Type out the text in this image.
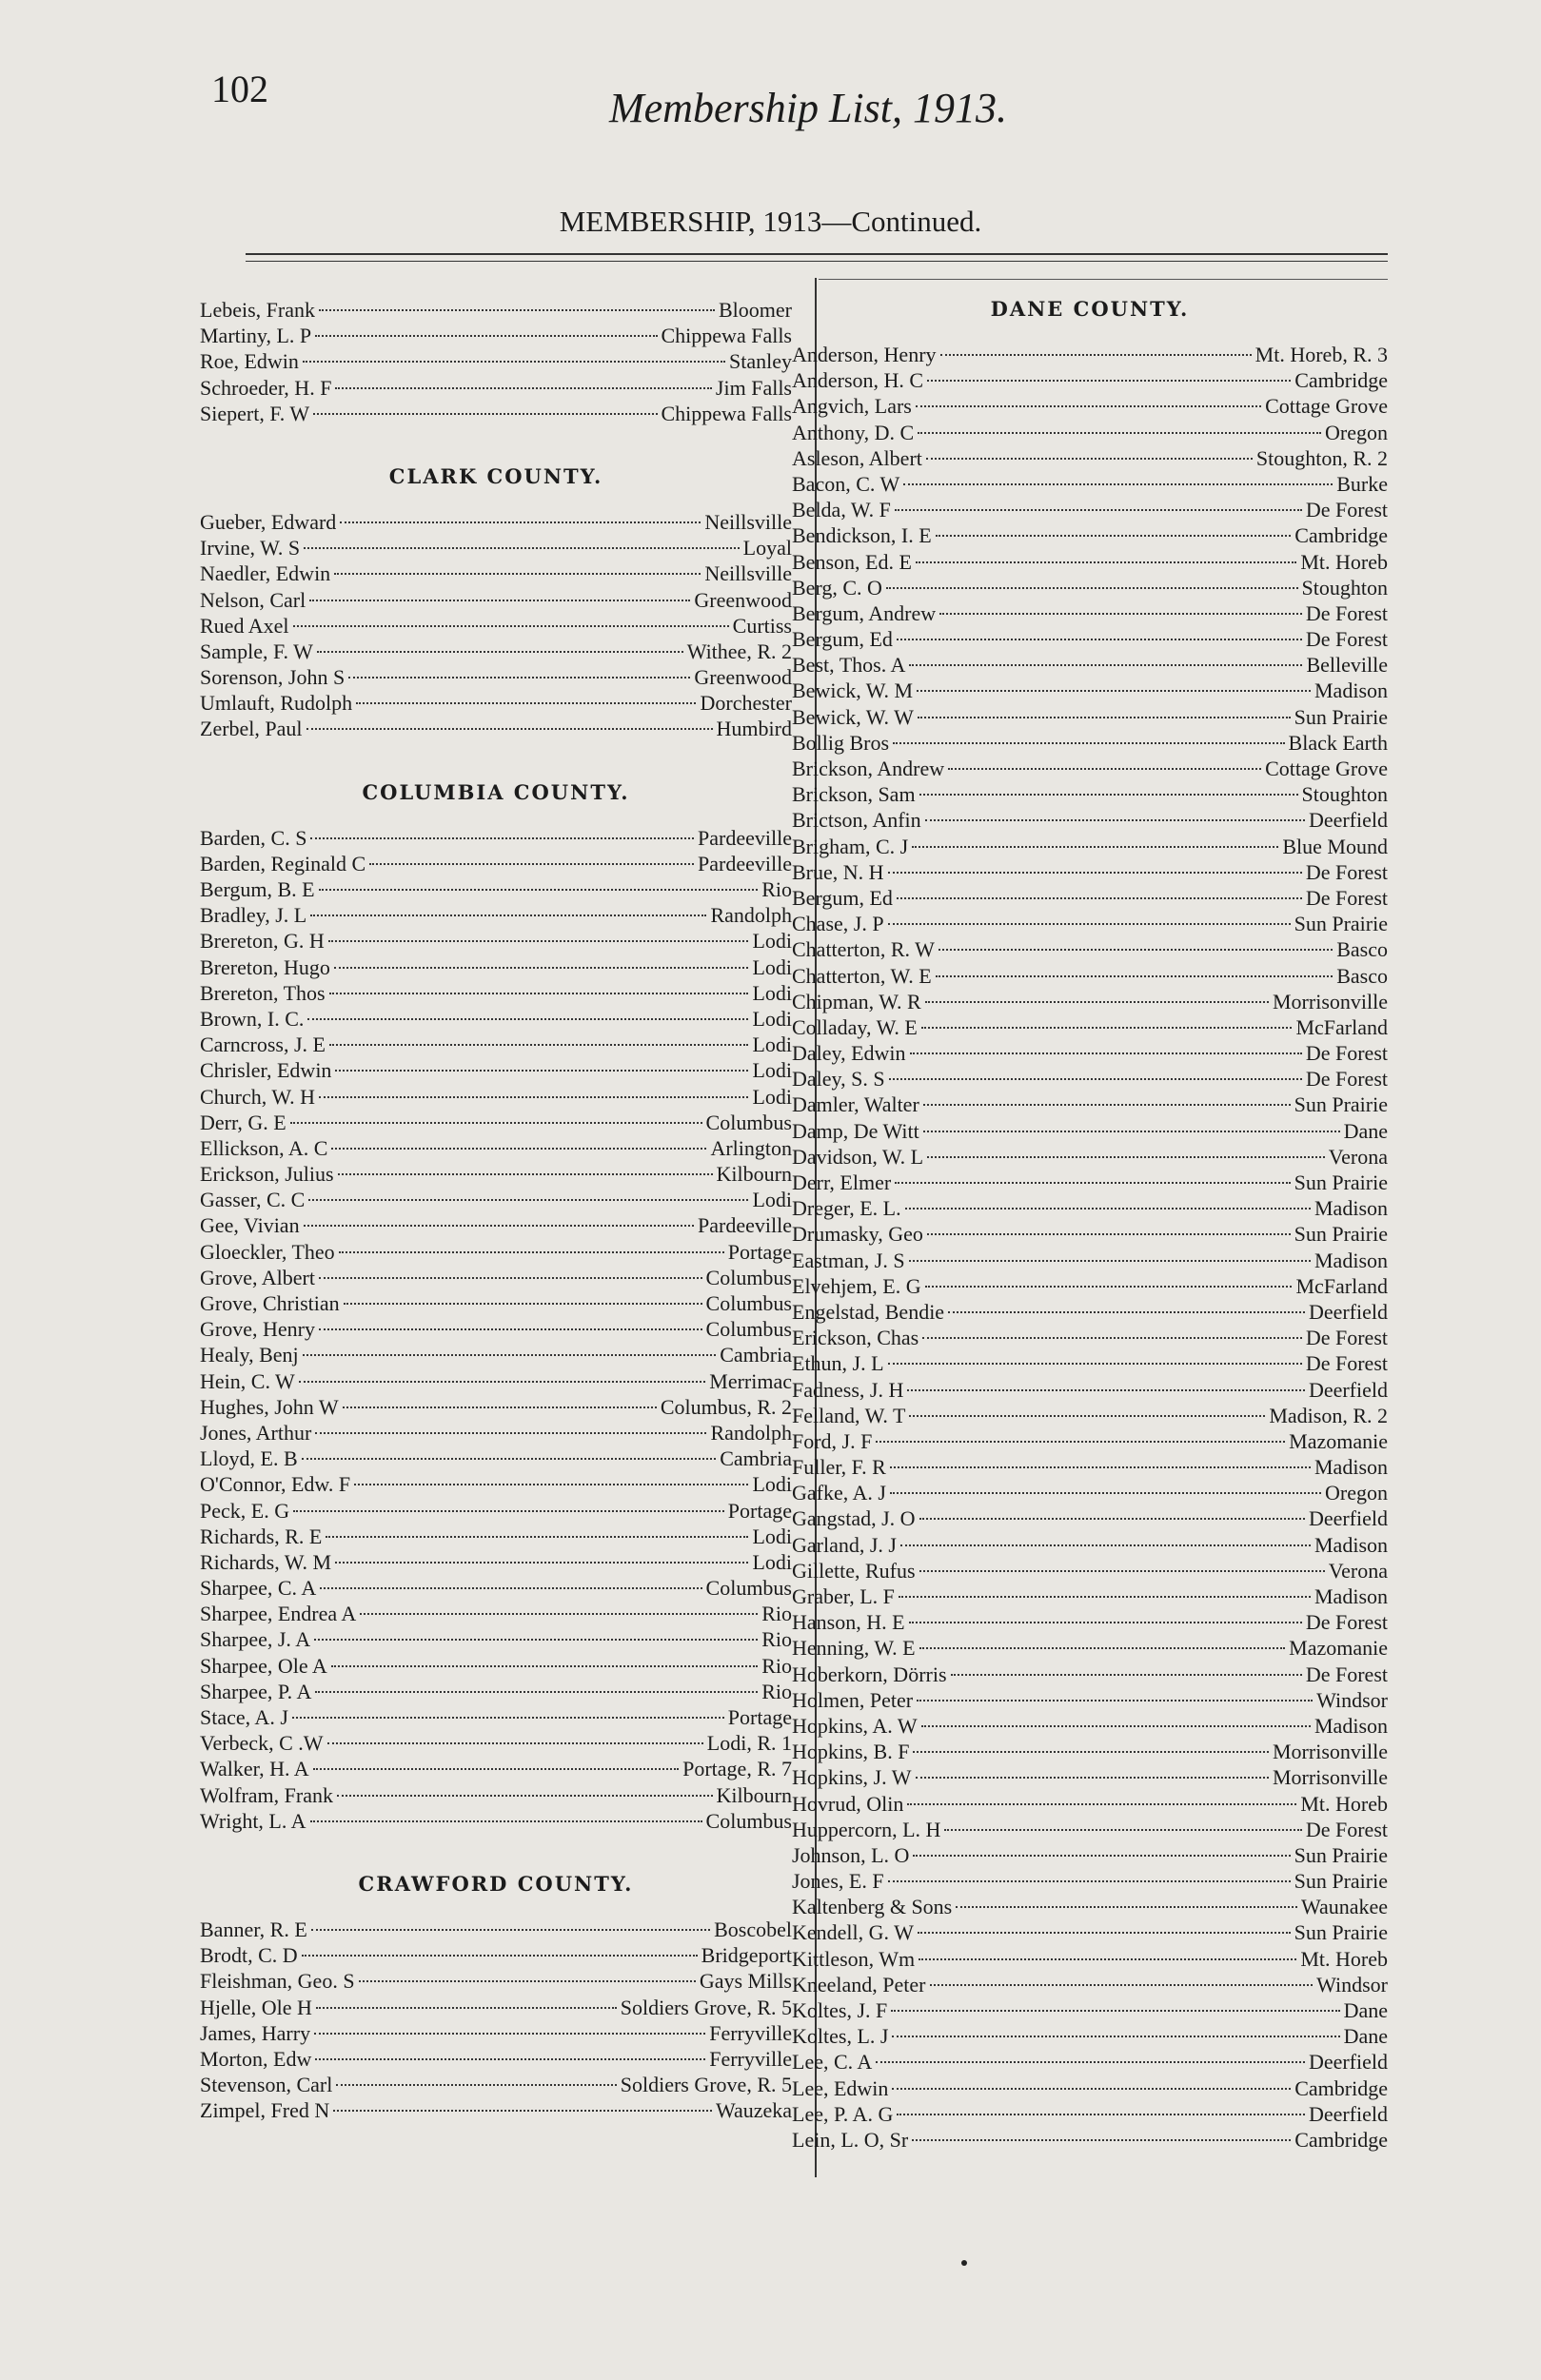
102	Membership List, 1913.
MEMBERSHIP, 1913—Continued.
Lebeis, Frank	Bloomer
Martiny, L. P	Chippewa Falls
Roe, Edwin	Stanley
Schroeder, H. F	Jim Falls
Siepert, F. W	Chippewa Falls
CLARK COUNTY.
Gueber, Edward	Neillsville
Irvine, W. S	Loyal
Naedler, Edwin	Neillsville
Nelson, Carl	Greenwood
Rued Axel	Curtiss
Sample, F. W	Withee, R. 2
Sorenson, John S	Greenwood
Umlauft, Rudolph	Dorchester
Zerbel, Paul	Humbird
COLUMBIA COUNTY.
Barden, C. S	Pardeeville
Barden, Reginald C	Pardeeville
Bergum, B. E	Rio
Bradley, J. L	Randolph
Brereton, G. H	Lodi
Brereton, Hugo	Lodi
Brereton, Thos	Lodi
Brown, I. C.	Lodi
Carncross, J. E	Lodi
Chrisler, Edwin	Lodi
Church, W. H	Lodi
Derr, G. E	Columbus
Ellickson, A. C	Arlington
Erickson, Julius	Kilbourn
Gasser, C. C	Lodi
Gee, Vivian	Pardeeville
Gloeckler, Theo	Portage
Grove, Albert	Columbus
Grove, Christian	Columbus
Grove, Henry	Columbus
Healy, Benj	Cambria
Hein, C. W	Merrimac
Hughes, John W	Columbus, R. 2
Jones, Arthur	Randolph
Lloyd, E. B	Cambria
O'Connor, Edw. F	Lodi
Peck, E. G	Portage
Richards, R. E	Lodi
Richards, W. M	Lodi
Sharpee, C. A	Columbus
Sharpee, Endrea A	Rio
Sharpee, J. A	Rio
Sharpee, Ole A	Rio
Sharpee, P. A	Rio
Stace, A. J	Portage
Verbeck, C .W	Lodi, R. 1
Walker, H. A	Portage, R. 7
Wolfram, Frank	Kilbourn
Wright, L. A	Columbus
CRAWFORD COUNTY.
Banner, R. E	Boscobel
Brodt, C. D	Bridgeport
Fleishman, Geo. S	Gays Mills
Hjelle, Ole H	Soldiers Grove, R. 5
James, Harry	Ferryville
Morton, Edw	Ferryville
Stevenson, Carl	Soldiers Grove, R. 5
Zimpel, Fred N	Wauzeka
DANE COUNTY.
Anderson, Henry	Mt. Horeb, R. 3
Anderson, H. C	Cambridge
Angvich, Lars	Cottage Grove
Anthony, D. C	Oregon
Asleson, Albert	Stoughton, R. 2
Bacon, C. W	Burke
Belda, W. F	De Forest
Bendickson, I. E	Cambridge
Benson, Ed. E	Mt. Horeb
Berg, C. O	Stoughton
Bergum, Andrew	De Forest
Bergum, Ed	De Forest
Best, Thos. A	Belleville
Bewick, W. M	Madison
Bewick, W. W	Sun Prairie
Bollig Bros	Black Earth
Brickson, Andrew	Cottage Grove
Brickson, Sam	Stoughton
Brictson, Anfin	Deerfield
Brigham, C. J	Blue Mound
Brue, N. H	De Forest
Bergum, Ed	De Forest
Chase, J. P	Sun Prairie
Chatterton, R. W	Basco
Chatterton, W. E	Basco
Chipman, W. R	Morrisonville
Colladay, W. E	McFarland
Daley, Edwin	De Forest
Daley, S. S	De Forest
Damler, Walter	Sun Prairie
Damp, De Witt	Dane
Davidson, W. L	Verona
Derr, Elmer	Sun Prairie
Dreger, E. L.	Madison
Drumasky, Geo	Sun Prairie
Eastman, J. S	Madison
Elvehjem, E. G	McFarland
Engelstad, Bendie	Deerfield
Erickson, Chas	De Forest
Ethun, J. L	De Forest
Fadness, J. H	Deerfield
Felland, W. T	Madison, R. 2
Ford, J. F	Mazomanie
Fuller, F. R	Madison
Gafke, A. J	Oregon
Gangstad, J. O	Deerfield
Garland, J. J	Madison
Gillette, Rufus	Verona
Graber, L. F	Madison
Hanson, H. E	De Forest
Henning, W. E	Mazomanie
Hoberkorn, Dörris	De Forest
Holmen, Peter	Windsor
Hopkins, A. W	Madison
Hopkins, B. F	Morrisonville
Hopkins, J. W	Morrisonville
Hovrud, Olin	Mt. Horeb
Huppercorn, L. H	De Forest
Johnson, L. O	Sun Prairie
Jones, E. F	Sun Prairie
Kaltenberg & Sons	Waunakee
Kendell, G. W	Sun Prairie
Kittleson, Wm	Mt. Horeb
Kneeland, Peter	Windsor
Koltes, J. F	Dane
Koltes, L. J	Dane
Lee, C. A	Deerfield
Lee, Edwin	Cambridge
Lee, P. A. G	Deerfield
Lein, L. O, Sr	Cambridge
